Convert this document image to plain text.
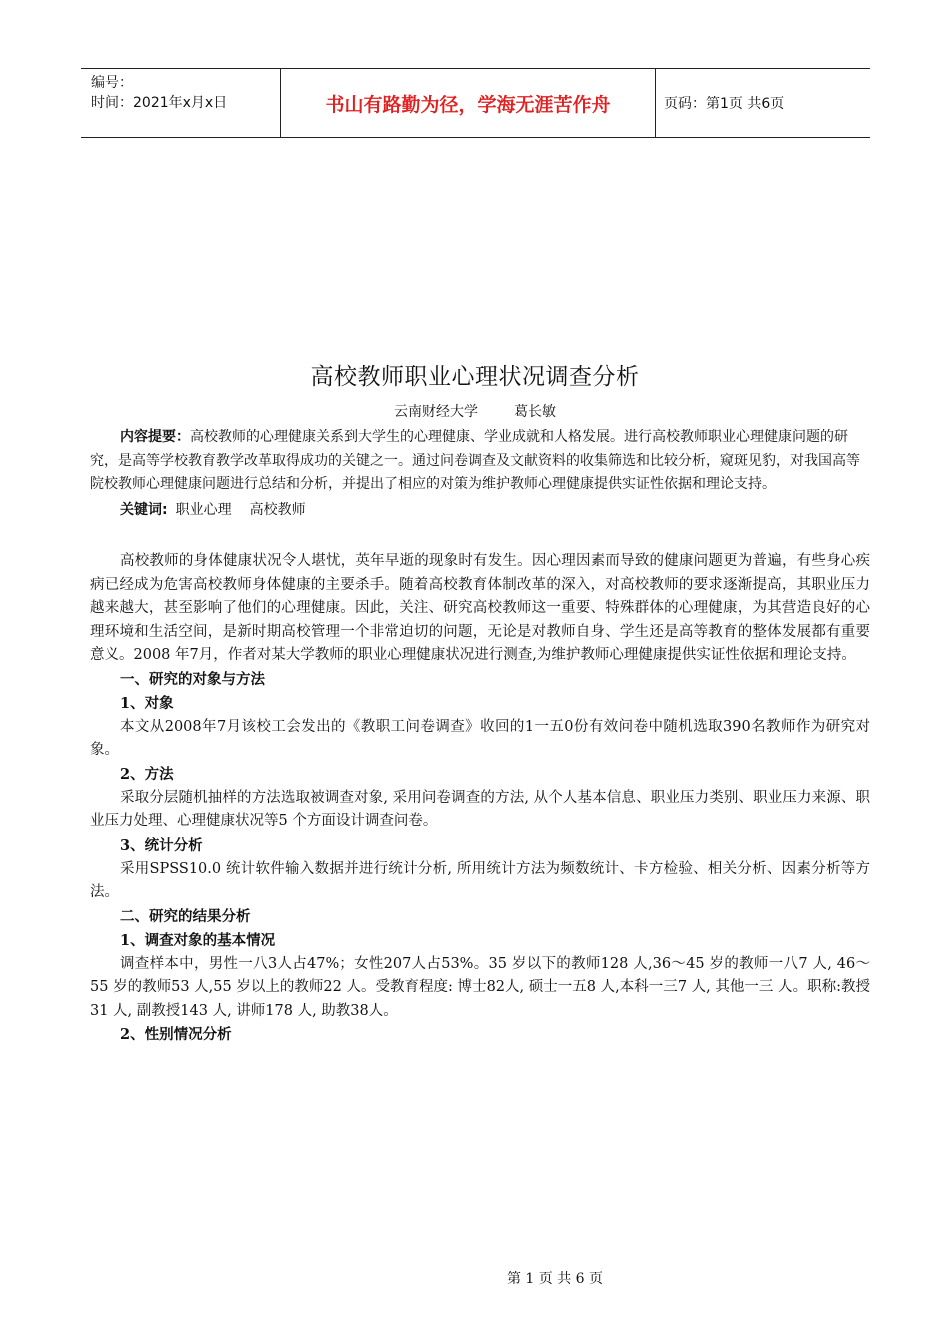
编号：
时间：2021年x月x日	书山有路勤为径，学海无涯苦作舟	页码：第1页 共6页
高校教师职业心理状况调查分析
云南财经大学	葛长敏

内容提要：高校教师的心理健康关系到大学生的心理健康、学业成就和人格发展。进行高校教师职业心理健康问题的研究，是高等学校教育教学改革取得成功的关键之一。通过问卷调查及文献资料的收集筛选和比较分析，窥斑见豹，对我国高等院校教师心理健康问题进行总结和分析，并提出了相应的对策为维护教师心理健康提供实证性依据和理论支持。

关键词: 职业心理 高校教师

高校教师的身体健康状况令人堪忧，英年早逝的现象时有发生。因心理因素而导致的健康问题更为普遍，有些身心疾病已经成为危害高校教师身体健康的主要杀手。随着高校教育体制改革的深入，对高校教师的要求逐渐提高，其职业压力越来越大，甚至影响了他们的心理健康。因此，关注、研究高校教师这一重要、特殊群体的心理健康，为其营造良好的心理环境和生活空间，是新时期高校管理一个非常迫切的问题，无论是对教师自身、学生还是高等教育的整体发展都有重要意义。2008 年7月，作者对某大学教师的职业心理健康状况进行测查,为维护教师心理健康提供实证性依据和理论支持。

一、研究的对象与方法
1、对象

本文从2008年7月该校工会发出的《教职工问卷调查》收回的1一五0份有效问卷中随机选取390名教师作为研究对象。

2、方法

采取分层随机抽样的方法选取被调查对象, 采用问卷调查的方法, 从个人基本信息、职业压力类别、职业压力来源、职业压力处理、心理健康状况等5 个方面设计调查问卷。

3、统计分析

采用SPSS10.0 统计软件输入数据并进行统计分析, 所用统计方法为频数统计、卡方检验、相关分析、因素分析等方法。

二、研究的结果分析
1、调查对象的基本情况

调查样本中，男性一八3人占47%；女性207人占53%。35 岁以下的教师128 人,36～45 岁的教师一八7 人, 46～55 岁的教师53 人,55 岁以上的教师22 人。受教育程度: 博士82人, 硕士一五8 人,本科一三7 人, 其他一三 人。职称:教授31 人, 副教授143 人, 讲师178 人, 助教38人。

2、性别情况分析
第 1 页 共 6 页
